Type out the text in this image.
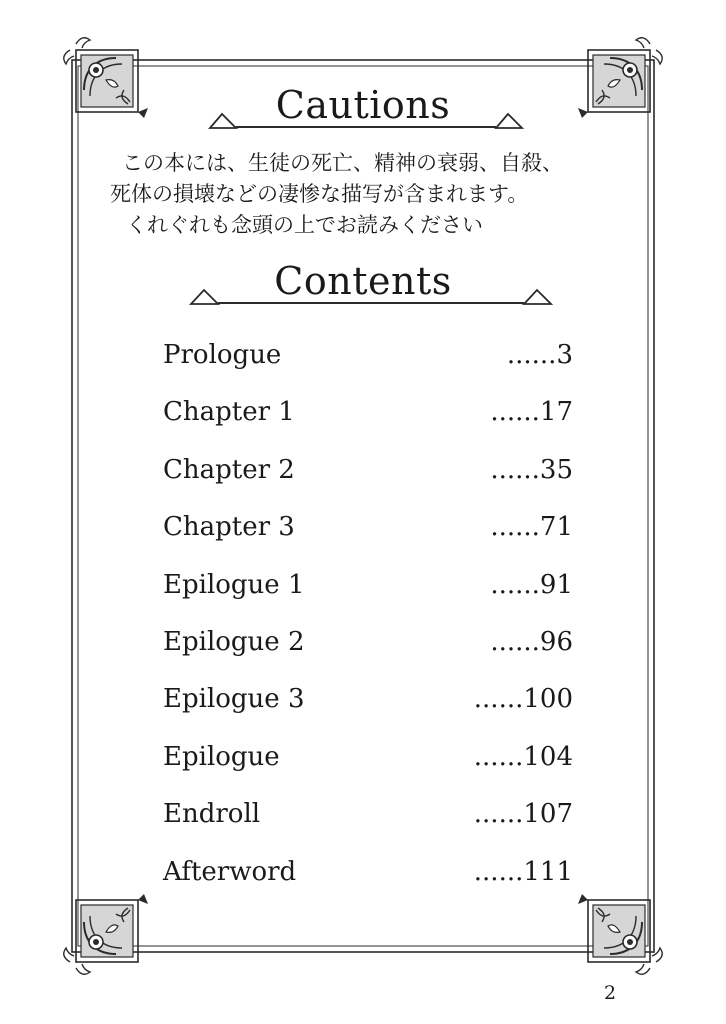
Cautions
この本には、生徒の死亡、精神の衰弱、自殺、
死体の損壊などの凄惨な描写が含まれます。
くれぐれも念頭の上でお読みください
Contents
Prologue	......3
Chapter 1	......17
Chapter 2	......35
Chapter 3	......71
Epilogue 1	......91
Epilogue 2	......96
Epilogue 3	......100
Epilogue	......104
Endroll	......107
Afterword	......111
2
